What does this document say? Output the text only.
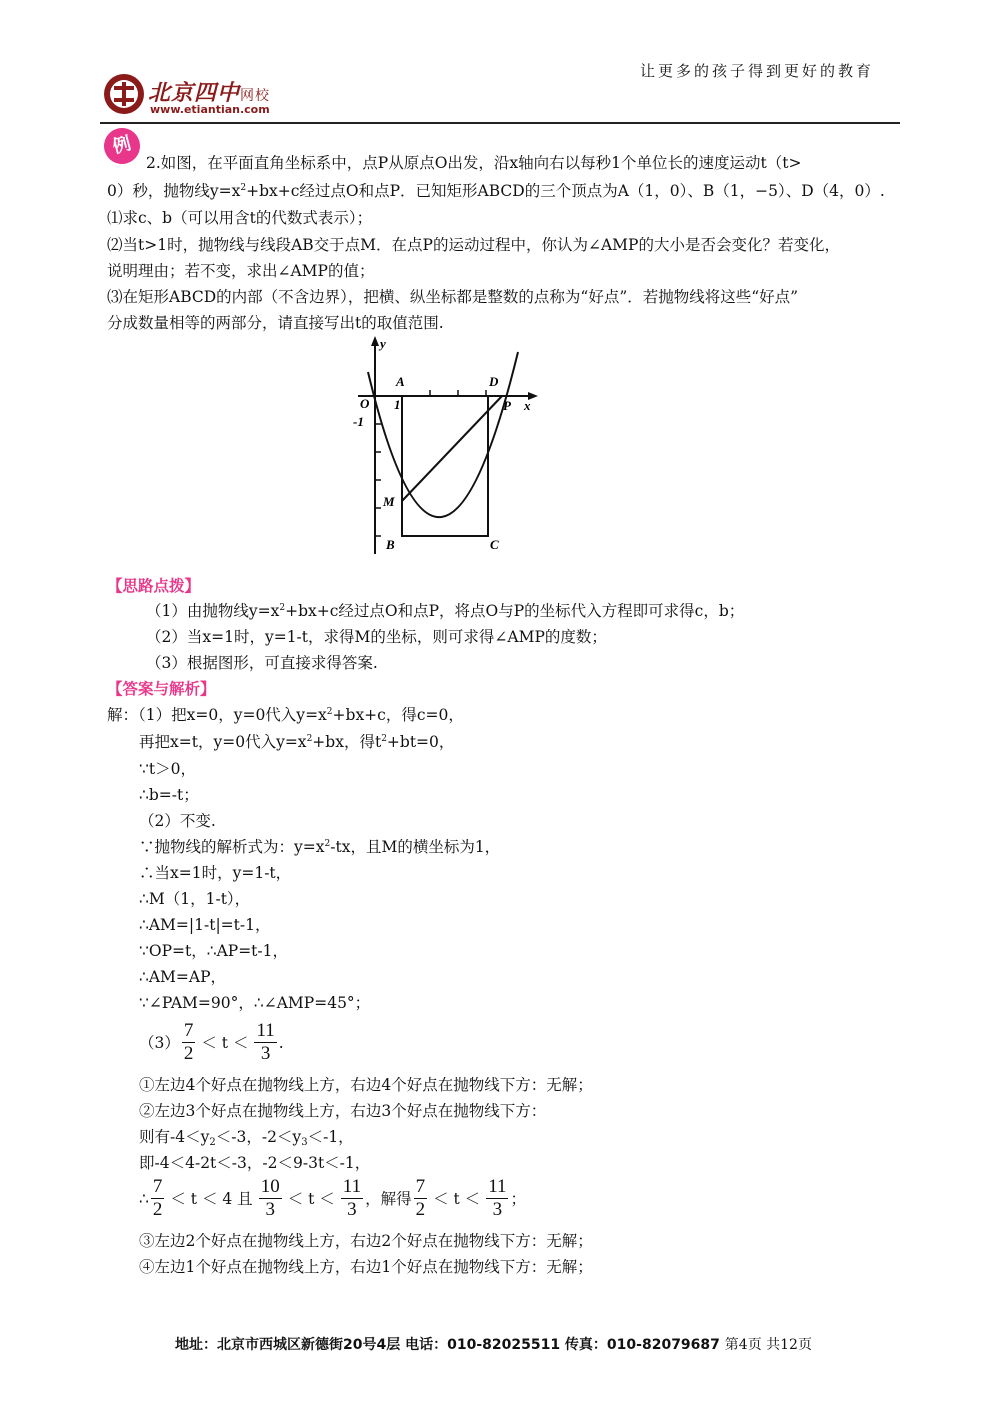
让更多的孩子得到更好的教育
北京四中网校
www.etiantian.com
例
2.如图，在平面直角坐标系中，点P从原点O出发，沿x轴向右以每秒1个单位长的速度运动t（t>
0）秒，抛物线$y=x^2+bx+c$经过点O和点P．已知矩形ABCD的三个顶点为A（1，0）、B（1，−5）、D（4，0）.
⑴求c、b（可以用含t的代数式表示）；
⑵当t>1时，抛物线与线段AB交于点M．在点P的运动过程中，你认为∠AMP的大小是否会变化？若变化，
说明理由；若不变，求出∠AMP的值；
⑶在矩形ABCD的内部（不含边界），把横、纵坐标都是整数的点称为“好点”．若抛物线将这些“好点”
分成数量相等的两部分，请直接写出t的取值范围.
y
x
O 1
-1
A	D
P
M
B	C
【思路点拨】
（1）由抛物线$y=x^2+bx+c$经过点O和点P，将点O与P的坐标代入方程即可求得c，b；
（2）当x=1时，y=1-t，求得M的坐标，则可求得∠AMP的度数；
（3）根据图形，可直接求得答案.
【答案与解析】
解：（1）把x=0，y=0代入$y=x^2+bx+c$，得c=0，
再把x=t，y=0代入$y=x^2+bx$，得$t^2+bt=0$，
∵t＞0，
∴b=-t；
（2）不变.
∵抛物线的解析式为：$y=x^2-tx$，且M的横坐标为1，
∴当x=1时，y=1-t，
∴M（1，1-t），
∴AM=|1-t|=t-1，
∵OP=t，∴AP=t-1，
∴AM=AP，
∵∠PAM=90°，∴∠AMP=45°；
$(3) \frac{7}{2} < t < \frac{11}{3}$ .
①左边4个好点在抛物线上方，右边4个好点在抛物线下方：无解；
②左边3个好点在抛物线上方，右边3个好点在抛物线下方：
则有$-4<y_2<-3$，$-2<y_3<-1$，
即-4＜4-2t＜-3，-2＜9-3t＜-1，
∴ $\frac{7}{2} < t < 4$ 且 $\frac{10}{3} < t < \frac{11}{3}$ ，解得 $\frac{7}{2} < t < \frac{11}{3}$ ；
③左边2个好点在抛物线上方，右边2个好点在抛物线下方：无解；
④左边1个好点在抛物线上方，右边1个好点在抛物线下方：无解；
地址：北京市西城区新德街20号4层 电话：010-82025511 传真：010-82079687 第4页 共12页
